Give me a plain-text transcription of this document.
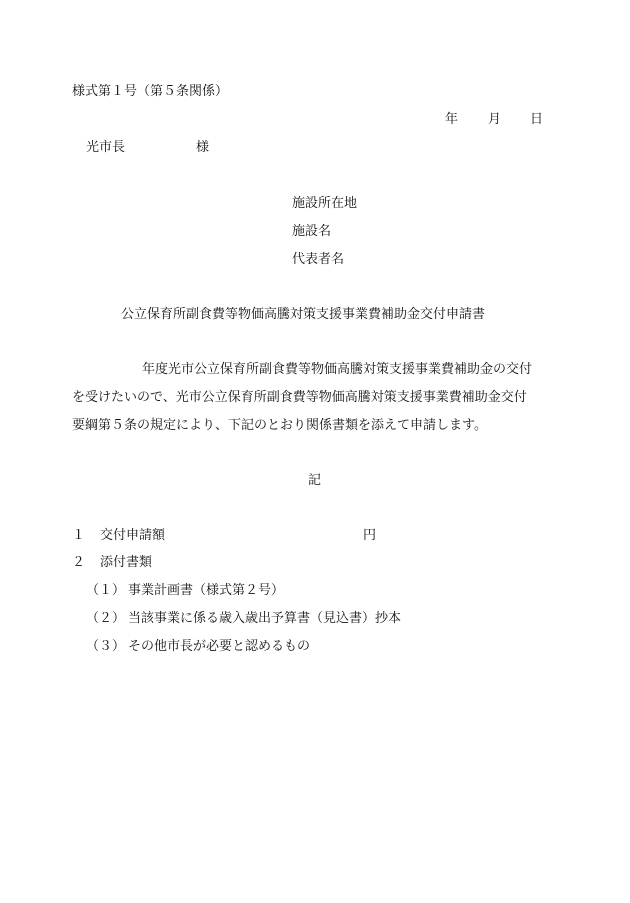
様式第１号（第５条関係）
年 月 日
光市長	様
施設所在地
施設名
代表者名
公立保育所副食費等物価高騰対策支援事業費補助金交付申請書
年度光市公立保育所副食費等物価高騰対策支援事業費補助金の交付
を受けたいので、光市公立保育所副食費等物価高騰対策支援事業費補助金交付
要綱第５条の規定により、下記のとおり関係書類を添えて申請します。
記
１ 交付申請額	円
２ 添付書類
（１） 事業計画書（様式第２号）
（２） 当該事業に係る歳入歳出予算書（見込書）抄本
（３） その他市長が必要と認めるもの
